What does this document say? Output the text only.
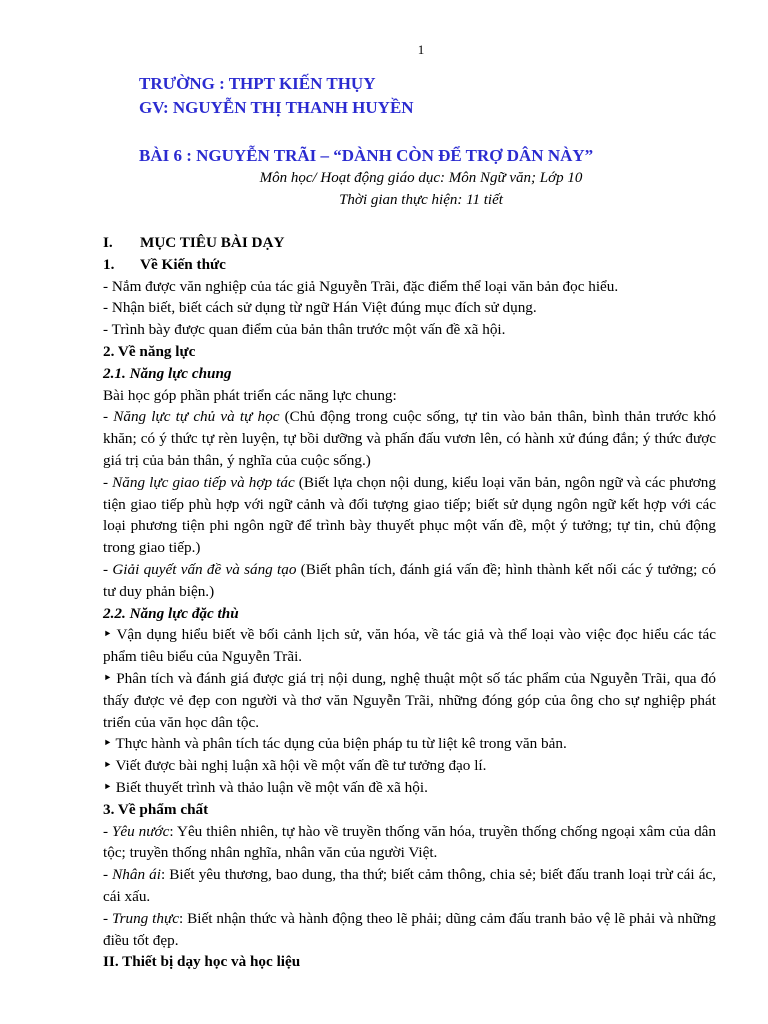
1
TRƯỜNG : THPT KIẾN THỤY
GV: NGUYỄN THỊ THANH HUYỀN
BÀI 6 : NGUYỄN TRÃI – “DÀNH CÒN ĐỂ TRỢ DÂN NÀY”
Môn học/ Hoạt động giáo dục: Môn Ngữ văn; Lớp 10
Thời gian thực hiện: 11 tiết

I. MỤC TIÊU BÀI DẠY

1. Về Kiến thức

- Nắm được văn nghiệp của tác giả Nguyễn Trãi, đặc điểm thể loại văn bản đọc hiểu.

- Nhận biết, biết cách sử dụng từ ngữ Hán Việt đúng mục đích sử dụng.

- Trình bày được quan điểm của bản thân trước một vấn đề xã hội.

2. Về năng lực

2.1. Năng lực chung

Bài học góp phần phát triển các năng lực chung:

- Năng lực tự chủ và tự học (Chủ động trong cuộc sống, tự tin vào bản thân, bình thản trước khó khăn; có ý thức tự rèn luyện, tự bồi dưỡng và phấn đấu vươn lên, có hành xử đúng đắn; ý thức được giá trị của bản thân, ý nghĩa của cuộc sống.)

- Năng lực giao tiếp và hợp tác (Biết lựa chọn nội dung, kiểu loại văn bản, ngôn ngữ và các phương tiện giao tiếp phù hợp với ngữ cảnh và đối tượng giao tiếp; biết sử dụng ngôn ngữ kết hợp với các loại phương tiện phi ngôn ngữ để trình bày thuyết phục một vấn đề, một ý tưởng; tự tin, chủ động trong giao tiếp.)

- Giải quyết vấn đề và sáng tạo (Biết phân tích, đánh giá vấn đề; hình thành kết nối các ý tưởng; có tư duy phản biện.)

2.2. Năng lực đặc thù

‣ Vận dụng hiểu biết về bối cảnh lịch sử, văn hóa, về tác giả và thể loại vào việc đọc hiểu các tác phẩm tiêu biểu của Nguyễn Trãi.

‣ Phân tích và đánh giá được giá trị nội dung, nghệ thuật một số tác phẩm của Nguyễn Trãi, qua đó thấy được vẻ đẹp con người và thơ văn Nguyễn Trãi, những đóng góp của ông cho sự nghiệp phát triển của văn học dân tộc.

‣ Thực hành và phân tích tác dụng của biện pháp tu từ liệt kê trong văn bản.

‣ Viết được bài nghị luận xã hội về một vấn đề tư tưởng đạo lí.

‣ Biết thuyết trình và thảo luận về một vấn đề xã hội.

3. Về phẩm chất

- Yêu nước: Yêu thiên nhiên, tự hào về truyền thống văn hóa, truyền thống chống ngoại xâm của dân tộc; truyền thống nhân nghĩa, nhân văn của người Việt.

- Nhân ái: Biết yêu thương, bao dung, tha thứ; biết cảm thông, chia sẻ; biết đấu tranh loại trừ cái ác, cái xấu.

- Trung thực: Biết nhận thức và hành động theo lẽ phải; dũng cảm đấu tranh bảo vệ lẽ phải và những điều tốt đẹp.

II. Thiết bị dạy học và học liệu
